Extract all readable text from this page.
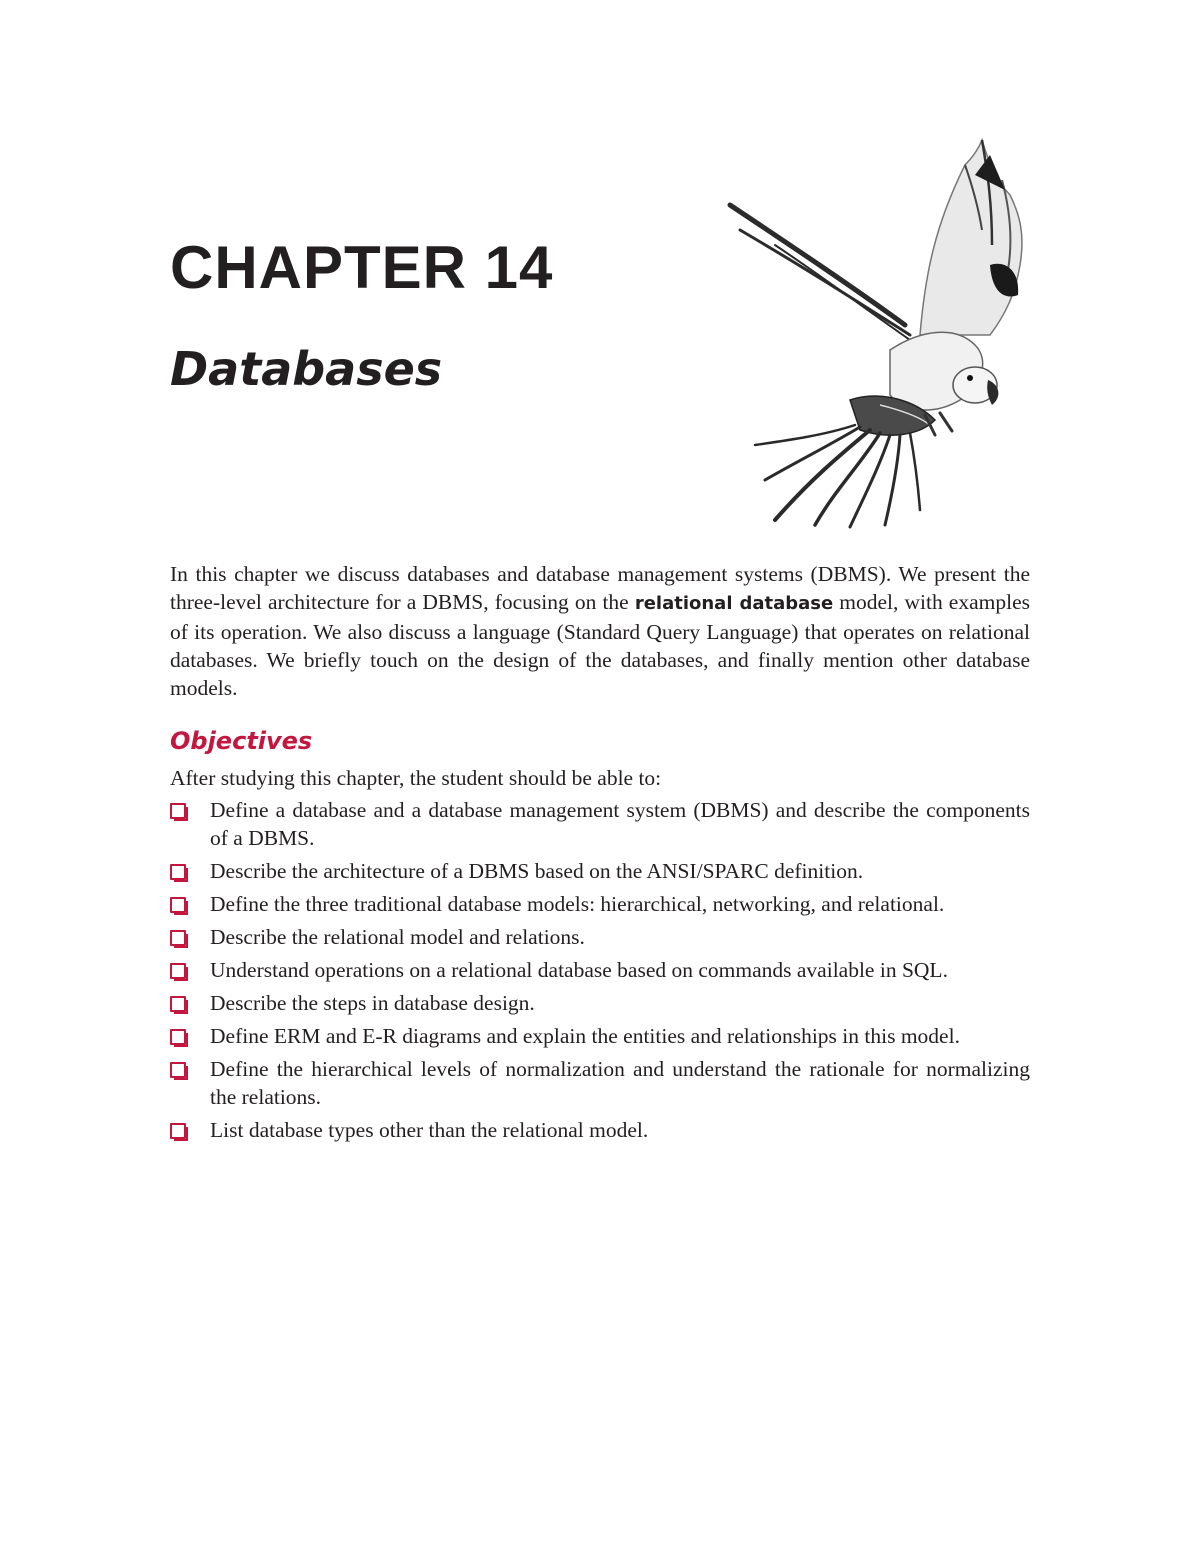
CHAPTER 14
Databases

In this chapter we discuss databases and database management systems (DBMS). We present the three-level architecture for a DBMS, focusing on the relational database model, with examples of its operation. We also discuss a language (Standard Query Language) that operates on relational databases. We briefly touch on the design of the databases, and finally mention other database models.

Objectives

After studying this chapter, the student should be able to:

Define a database and a database management system (DBMS) and describe the components of a DBMS.
Describe the architecture of a DBMS based on the ANSI/SPARC definition.
Define the three traditional database models: hierarchical, networking, and relational.
Describe the relational model and relations.
Understand operations on a relational database based on commands available in SQL.
Describe the steps in database design.
Define ERM and E-R diagrams and explain the entities and relationships in this model.
Define the hierarchical levels of normalization and understand the rationale for normalizing the relations.
List database types other than the relational model.
